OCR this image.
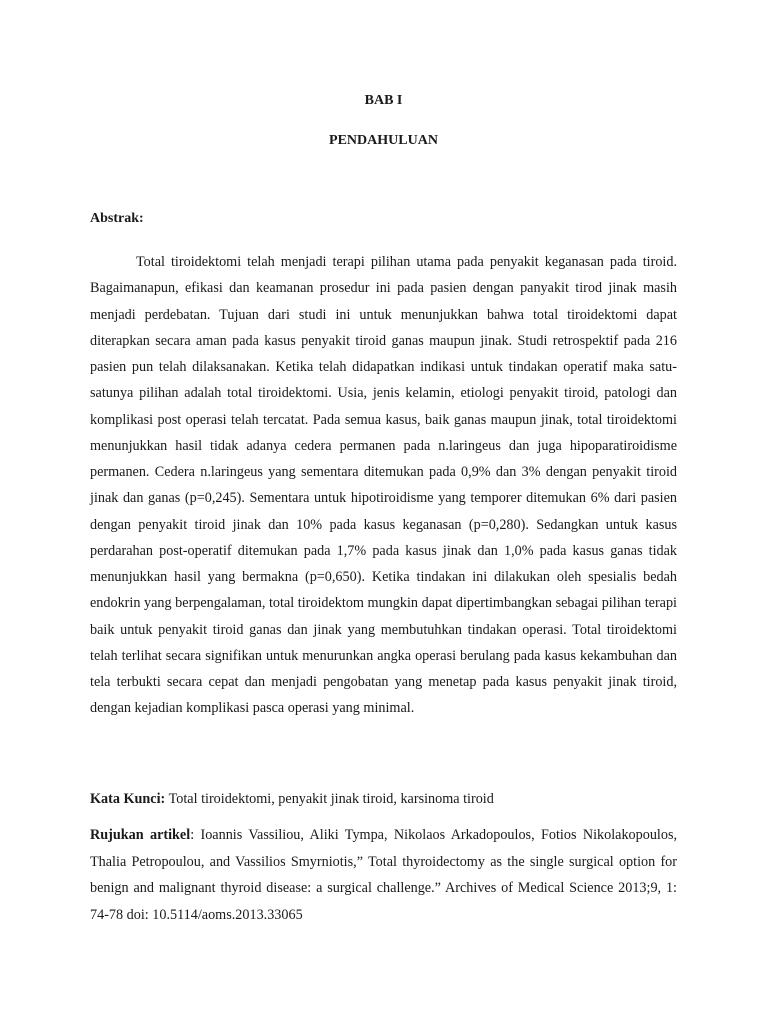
BAB I
PENDAHULUAN
Abstrak:

Total tiroidektomi telah menjadi terapi pilihan utama pada penyakit keganasan pada tiroid. Bagaimanapun, efikasi dan keamanan prosedur ini pada pasien dengan panyakit tirod jinak masih menjadi perdebatan. Tujuan dari studi ini untuk menunjukkan bahwa total tiroidektomi dapat diterapkan secara aman pada kasus penyakit tiroid ganas maupun jinak. Studi retrospektif pada 216 pasien pun telah dilaksanakan. Ketika telah didapatkan indikasi untuk tindakan operatif maka satu-satunya pilihan adalah total tiroidektomi. Usia, jenis kelamin, etiologi penyakit tiroid, patologi dan komplikasi post operasi telah tercatat. Pada semua kasus, baik ganas maupun jinak, total tiroidektomi menunjukkan hasil tidak adanya cedera permanen pada n.laringeus dan juga hipoparatiroidisme permanen. Cedera n.laringeus yang sementara ditemukan pada 0,9% dan 3% dengan penyakit tiroid jinak dan ganas (p=0,245). Sementara untuk hipotiroidisme yang temporer ditemukan 6% dari pasien dengan penyakit tiroid jinak dan 10% pada kasus keganasan (p=0,280). Sedangkan untuk kasus perdarahan post-operatif ditemukan pada 1,7% pada kasus jinak dan 1,0% pada kasus ganas tidak menunjukkan hasil yang bermakna (p=0,650). Ketika tindakan ini dilakukan oleh spesialis bedah endokrin yang berpengalaman, total tiroidektom mungkin dapat dipertimbangkan sebagai pilihan terapi baik untuk penyakit tiroid ganas dan jinak yang membutuhkan tindakan operasi. Total tiroidektomi telah terlihat secara signifikan untuk menurunkan angka operasi berulang pada kasus kekambuhan dan tela terbukti secara cepat dan menjadi pengobatan yang menetap pada kasus penyakit jinak tiroid, dengan kejadian komplikasi pasca operasi yang minimal.

Kata Kunci: Total tiroidektomi, penyakit jinak tiroid, karsinoma tiroid
Rujukan artikel: Ioannis Vassiliou, Aliki Tympa, Nikolaos Arkadopoulos, Fotios Nikolakopoulos, Thalia Petropoulou, and Vassilios Smyrniotis,” Total thyroidectomy as the single surgical option for benign and malignant thyroid disease: a surgical challenge.” Archives of Medical Science 2013;9, 1: 74-78 doi: 10.5114/aoms.2013.33065
